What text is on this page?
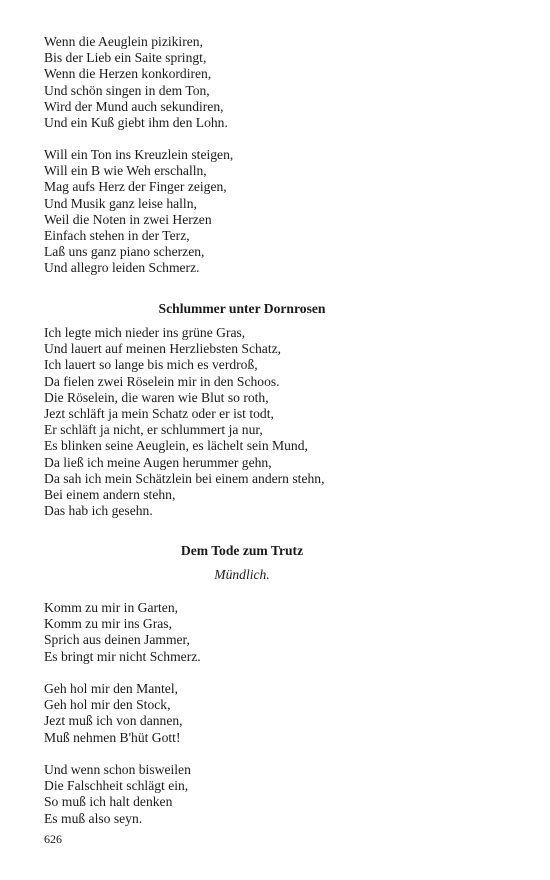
Wenn die Aeuglein pizikiren,
Bis der Lieb ein Saite springt,
Wenn die Herzen konkordiren,
Und schön singen in dem Ton,
Wird der Mund auch sekundiren,
Und ein Kuß giebt ihm den Lohn.
Will ein Ton ins Kreuzlein steigen,
Will ein B wie Weh erschalln,
Mag aufs Herz der Finger zeigen,
Und Musik ganz leise halln,
Weil die Noten in zwei Herzen
Einfach stehen in der Terz,
Laß uns ganz piano scherzen,
Und allegro leiden Schmerz.
Schlummer unter Dornrosen
Ich legte mich nieder ins grüne Gras,
Und lauert auf meinen Herzliebsten Schatz,
Ich lauert so lange bis mich es verdroß,
Da fielen zwei Röselein mir in den Schoos.
Die Röselein, die waren wie Blut so roth,
Jezt schläft ja mein Schatz oder er ist todt,
Er schläft ja nicht, er schlummert ja nur,
Es blinken seine Aeuglein, es lächelt sein Mund,
Da ließ ich meine Augen herummer gehn,
Da sah ich mein Schätzlein bei einem andern stehn,
Bei einem andern stehn,
Das hab ich gesehn.
Dem Tode zum Trutz
Mündlich.
Komm zu mir in Garten,
Komm zu mir ins Gras,
Sprich aus deinen Jammer,
Es bringt mir nicht Schmerz.
Geh hol mir den Mantel,
Geh hol mir den Stock,
Jezt muß ich von dannen,
Muß nehmen B'hüt Gott!
Und wenn schon bisweilen
Die Falschheit schlägt ein,
So muß ich halt denken
Es muß also seyn.
626
